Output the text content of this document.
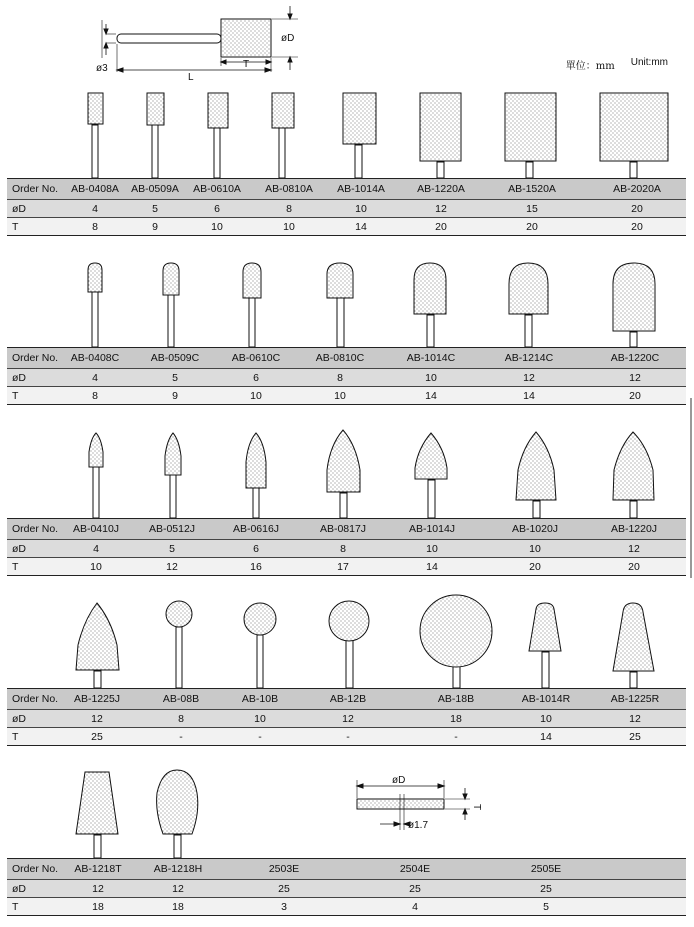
單位：mm Unit:mm
ø3
L
T
øD
øD
ø1.7
T
Order No. AB-0408A AB-0509A AB-0610A AB-0810A AB-1014A	AB-1220A	AB-1520A	AB-2020A
øD	4	5	6	8	10	12	15	20
T	8	9	10	10	14	20	20	20
Order No. AB-0408C	AB-0509C	AB-0610C	AB-0810C	AB-1014C	AB-1214C	AB-1220C
øD	4	5	6	8	10	12	12
T	8	9	10	10	14	14	20
Order No. AB-0410J	AB-0512J	AB-0616J	AB-0817J	AB-1014J	AB-1020J	AB-1220J
øD	4	5	6	8	10	10	12
T	10	12	16	17	14	20	20
Order No. AB-1225J	AB-08B	AB-10B	AB-12B	AB-18B	AB-1014R	AB-1225R
øD	12	8	10	12	18	10	12
T	25	-	-	-	-	14	25
Order No. AB-1218T	AB-1218H	2503E	2504E	2505E
øD	12	12	25	25	25
T	18	18	3	4	5
